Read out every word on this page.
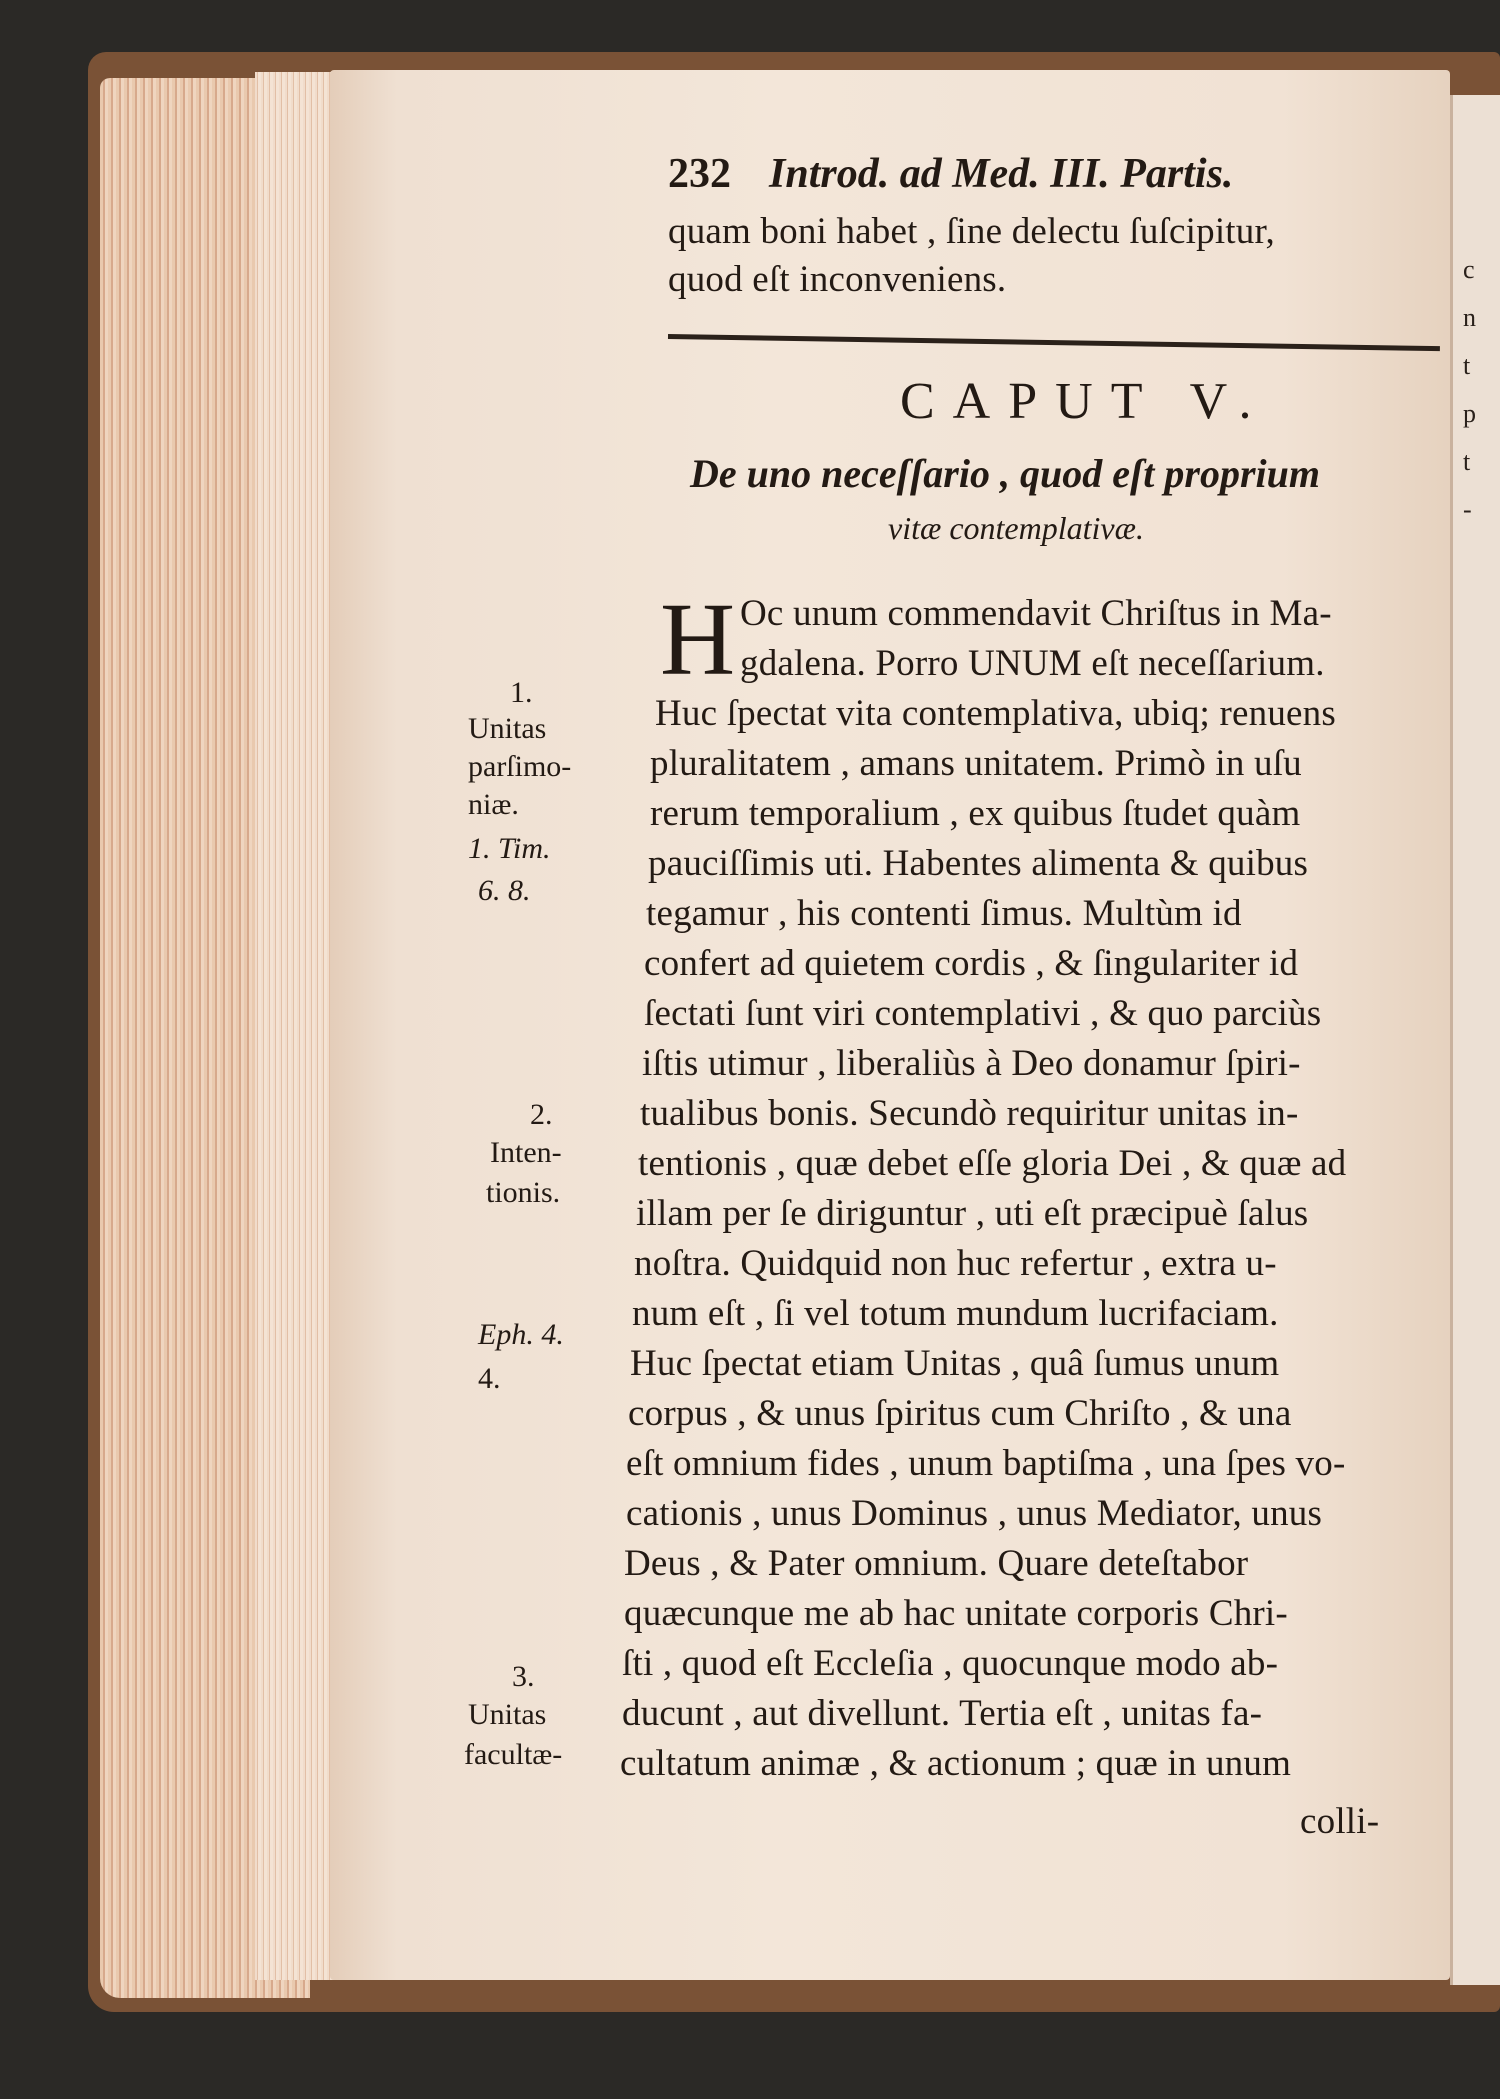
c
n
t
p
t
-
232 Introd. ad Med. III. Partis.
quam boni habet , ſine delectu ſuſcipitur,
quod eſt inconveniens.
CAPUT V.
De uno neceſſario , quod eſt proprium
vitæ contemplativæ.
H Oc unum commendavit Chriſtus in Ma-
gdalena. Porro UNUM eſt neceſſarium.
Huc ſpectat vita contemplativa, ubiq; renuens
pluralitatem , amans unitatem. Primò in uſu
rerum temporalium , ex quibus ſtudet quàm
pauciſſimis uti. Habentes alimenta & quibus
tegamur , his contenti ſimus. Multùm id
confert ad quietem cordis , & ſingulariter id
ſectati ſunt viri contemplativi , & quo parciùs
iſtis utimur , liberaliùs à Deo donamur ſpiri-
tualibus bonis. Secundò requiritur unitas in-
tentionis , quæ debet eſſe gloria Dei , & quæ ad
illam per ſe diriguntur , uti eſt præcipuè ſalus
noſtra. Quidquid non huc refertur , extra u-
num eſt , ſi vel totum mundum lucrifaciam.
Huc ſpectat etiam Unitas , quâ ſumus unum
corpus , & unus ſpiritus cum Chriſto , & una
eſt omnium fides , unum baptiſma , una ſpes vo-
cationis , unus Dominus , unus Mediator, unus
Deus , & Pater omnium. Quare deteſtabor
quæcunque me ab hac unitate corporis Chri-
ſti , quod eſt Eccleſia , quocunque modo ab-
ducunt , aut divellunt. Tertia eſt , unitas fa-
cultatum animæ , & actionum ; quæ in unum
colli-
1.
Unitas
parſimo-
niæ.
1. Tim.
6. 8.
2.
Inten-
tionis.
Eph. 4.
4.
3.
Unitas
facultæ-
